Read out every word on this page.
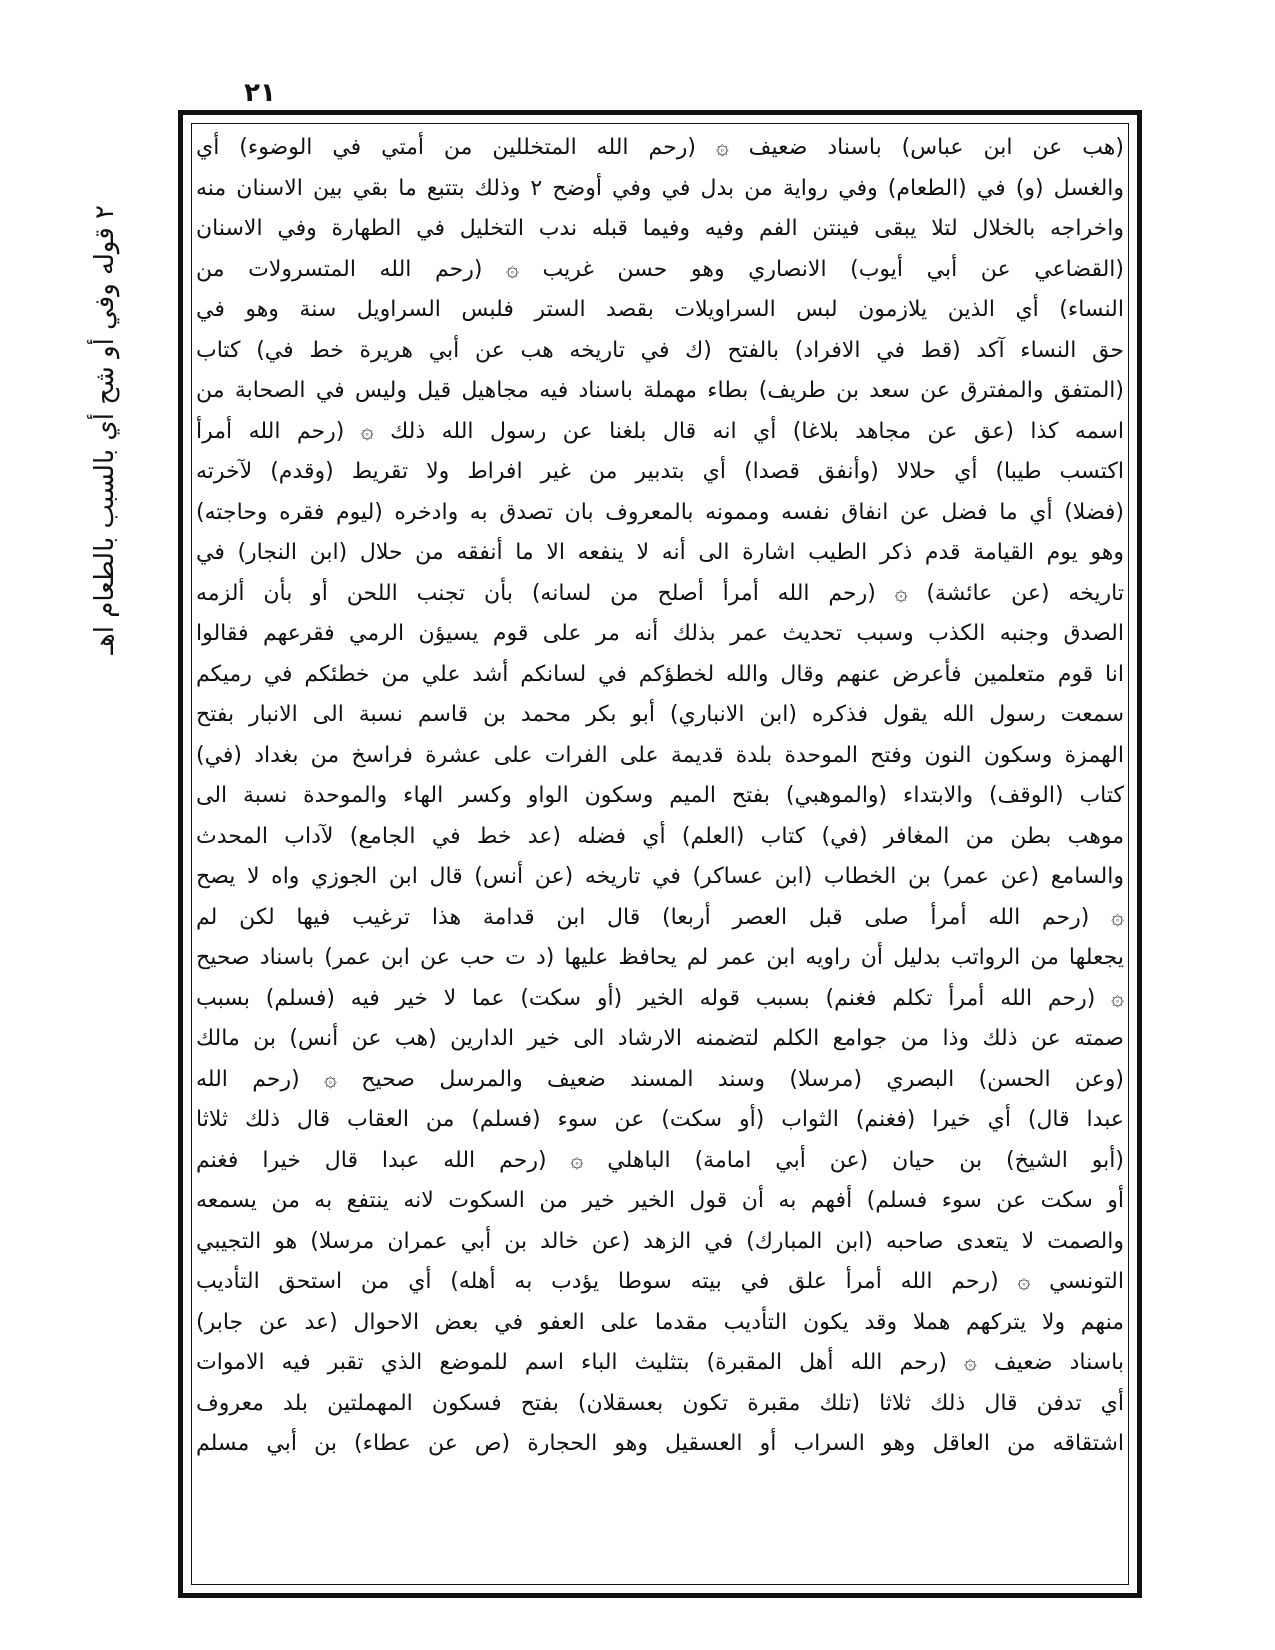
٢١
٢ قوله وفي أو شح أي بالسبب بالطعام اهـ
(هب عن ابن عباس) باسناد ضعيف ۞ (رحم الله المتخللين من أمتي في الوضوء) أي
والغسل (و) في (الطعام) وفي رواية من بدل في وفي أوضح ٢ وذلك بتتبع ما بقي بين الاسنان منه
واخراجه بالخلال لتلا يبقى فينتن الفم وفيه وفيما قبله ندب التخليل في الطهارة وفي الاسنان
(القضاعي عن أبي أيوب) الانصاري وهو حسن غريب ۞ (رحم الله المتسرولات من
النساء) أي الذين يلازمون لبس السراويلات بقصد الستر فلبس السراويل سنة وهو في
حق النساء آكد (قط في الافراد) بالفتح (ك في تاريخه هب عن أبي هريرة خط في) كتاب
(المتفق والمفترق عن سعد بن طريف) بطاء مهملة باسناد فيه مجاهيل قيل وليس في الصحابة من
اسمه كذا (عق عن مجاهد بلاغا) أي انه قال بلغنا عن رسول الله ذلك ۞ (رحم الله أمرأ
اكتسب طيبا) أي حلالا (وأنفق قصدا) أي بتدبير من غير افراط ولا تقريط (وقدم) لآخرته
(فضلا) أي ما فضل عن انفاق نفسه وممونه بالمعروف بان تصدق به وادخره (ليوم فقره وحاجته)
وهو يوم القيامة قدم ذكر الطيب اشارة الى أنه لا ينفعه الا ما أنفقه من حلال (ابن النجار) في
تاريخه (عن عائشة) ۞ (رحم الله أمرأ أصلح من لسانه) بأن تجنب اللحن أو بأن ألزمه
الصدق وجنبه الكذب وسبب تحديث عمر بذلك أنه مر على قوم يسيؤن الرمي فقرعهم فقالوا
انا قوم متعلمين فأعرض عنهم وقال والله لخطؤكم في لسانكم أشد علي من خطئكم في رميكم
سمعت رسول الله يقول فذكره (ابن الانباري) أبو بكر محمد بن قاسم نسبة الى الانبار بفتح
الهمزة وسكون النون وفتح الموحدة بلدة قديمة على الفرات على عشرة فراسخ من بغداد (في)
كتاب (الوقف) والابتداء (والموهبي) بفتح الميم وسكون الواو وكسر الهاء والموحدة نسبة الى
موهب بطن من المغافر (في) كتاب (العلم) أي فضله (عد خط في الجامع) لآداب المحدث
والسامع (عن عمر) بن الخطاب (ابن عساكر) في تاريخه (عن أنس) قال ابن الجوزي واه لا يصح
۞ (رحم الله أمرأ صلى قبل العصر أربعا) قال ابن قدامة هذا ترغيب فيها لكن لم
يجعلها من الرواتب بدليل أن راويه ابن عمر لم يحافظ عليها (د ت حب عن ابن عمر) باسناد صحيح
۞ (رحم الله أمرأ تكلم فغنم) بسبب قوله الخير (أو سكت) عما لا خير فيه (فسلم) بسبب
صمته عن ذلك وذا من جوامع الكلم لتضمنه الارشاد الى خير الدارين (هب عن أنس) بن مالك
(وعن الحسن) البصري (مرسلا) وسند المسند ضعيف والمرسل صحيح ۞ (رحم الله
عبدا قال) أي خيرا (فغنم) الثواب (أو سكت) عن سوء (فسلم) من العقاب قال ذلك ثلاثا
(أبو الشيخ) بن حيان (عن أبي امامة) الباهلي ۞ (رحم الله عبدا قال خيرا فغنم
أو سكت عن سوء فسلم) أفهم به أن قول الخير خير من السكوت لانه ينتفع به من يسمعه
والصمت لا يتعدى صاحبه (ابن المبارك) في الزهد (عن خالد بن أبي عمران مرسلا) هو التجيبي
التونسي ۞ (رحم الله أمرأ علق في بيته سوطا يؤدب به أهله) أي من استحق التأديب
منهم ولا يتركهم هملا وقد يكون التأديب مقدما على العفو في بعض الاحوال (عد عن جابر)
باسناد ضعيف ۞ (رحم الله أهل المقبرة) بتثليث الباء اسم للموضع الذي تقبر فيه الاموات
أي تدفن قال ذلك ثلاثا (تلك مقبرة تكون بعسقلان) بفتح فسكون المهملتين بلد معروف
اشتقاقه من العاقل وهو السراب أو العسقيل وهو الحجارة (ص عن عطاء) بن أبي مسلم
